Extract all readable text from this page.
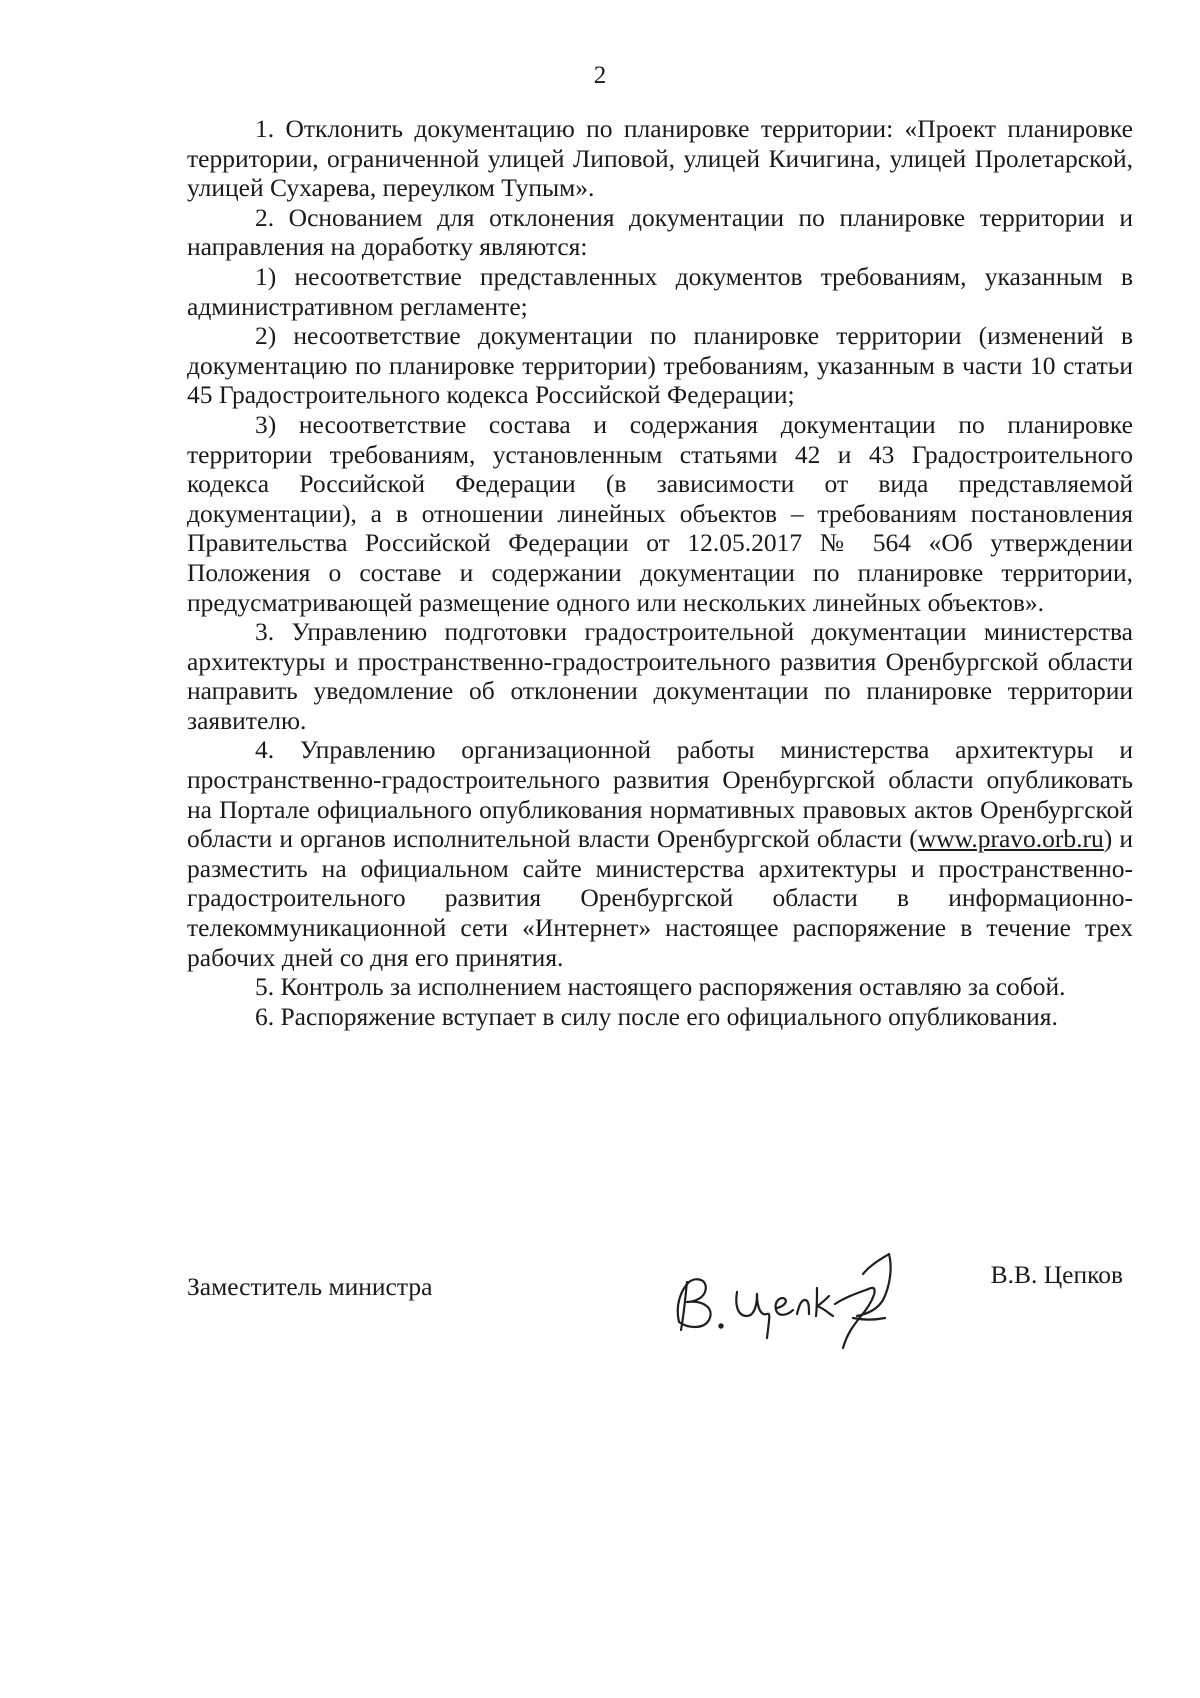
2

1. Отклонить документацию по планировке территории: «Проект планировке территории, ограниченной улицей Липовой, улицей Кичигина, улицей Пролетарской, улицей Сухарева, переулком Тупым».

2. Основанием для отклонения документации по планировке территории и направления на доработку являются:

1) несоответствие представленных документов требованиям, указанным в административном регламенте;

2) несоответствие документации по планировке территории (изменений в документацию по планировке территории) требованиям, указанным в части 10 статьи 45 Градостроительного кодекса Российской Федерации;

3) несоответствие состава и содержания документации по планировке территории требованиям, установленным статьями 42 и 43 Градостроительного кодекса Российской Федерации (в зависимости от вида представляемой документации), а в отношении линейных объектов – требованиям постановления Правительства Российской Федерации от 12.05.2017 № 564 «Об утверждении Положения о составе и содержании документации по планировке территории, предусматривающей размещение одного или нескольких линейных объектов».

3. Управлению подготовки градостроительной документации министерства архитектуры и пространственно-градостроительного развития Оренбургской области направить уведомление об отклонении документации по планировке территории заявителю.

4. Управлению организационной работы министерства архитектуры и пространственно-градостроительного развития Оренбургской области опубликовать на Портале официального опубликования нормативных правовых актов Оренбургской области и органов исполнительной власти Оренбургской области (www.pravo.orb.ru) и разместить на официальном сайте министерства архитектуры и пространственно-градостроительного развития Оренбургской области в информационно-телекоммуникационной сети «Интернет» настоящее распоряжение в течение трех рабочих дней со дня его принятия.

5. Контроль за исполнением настоящего распоряжения оставляю за собой.

6. Распоряжение вступает в силу после его официального опубликования.

Заместитель министра	В.В. Цепков
